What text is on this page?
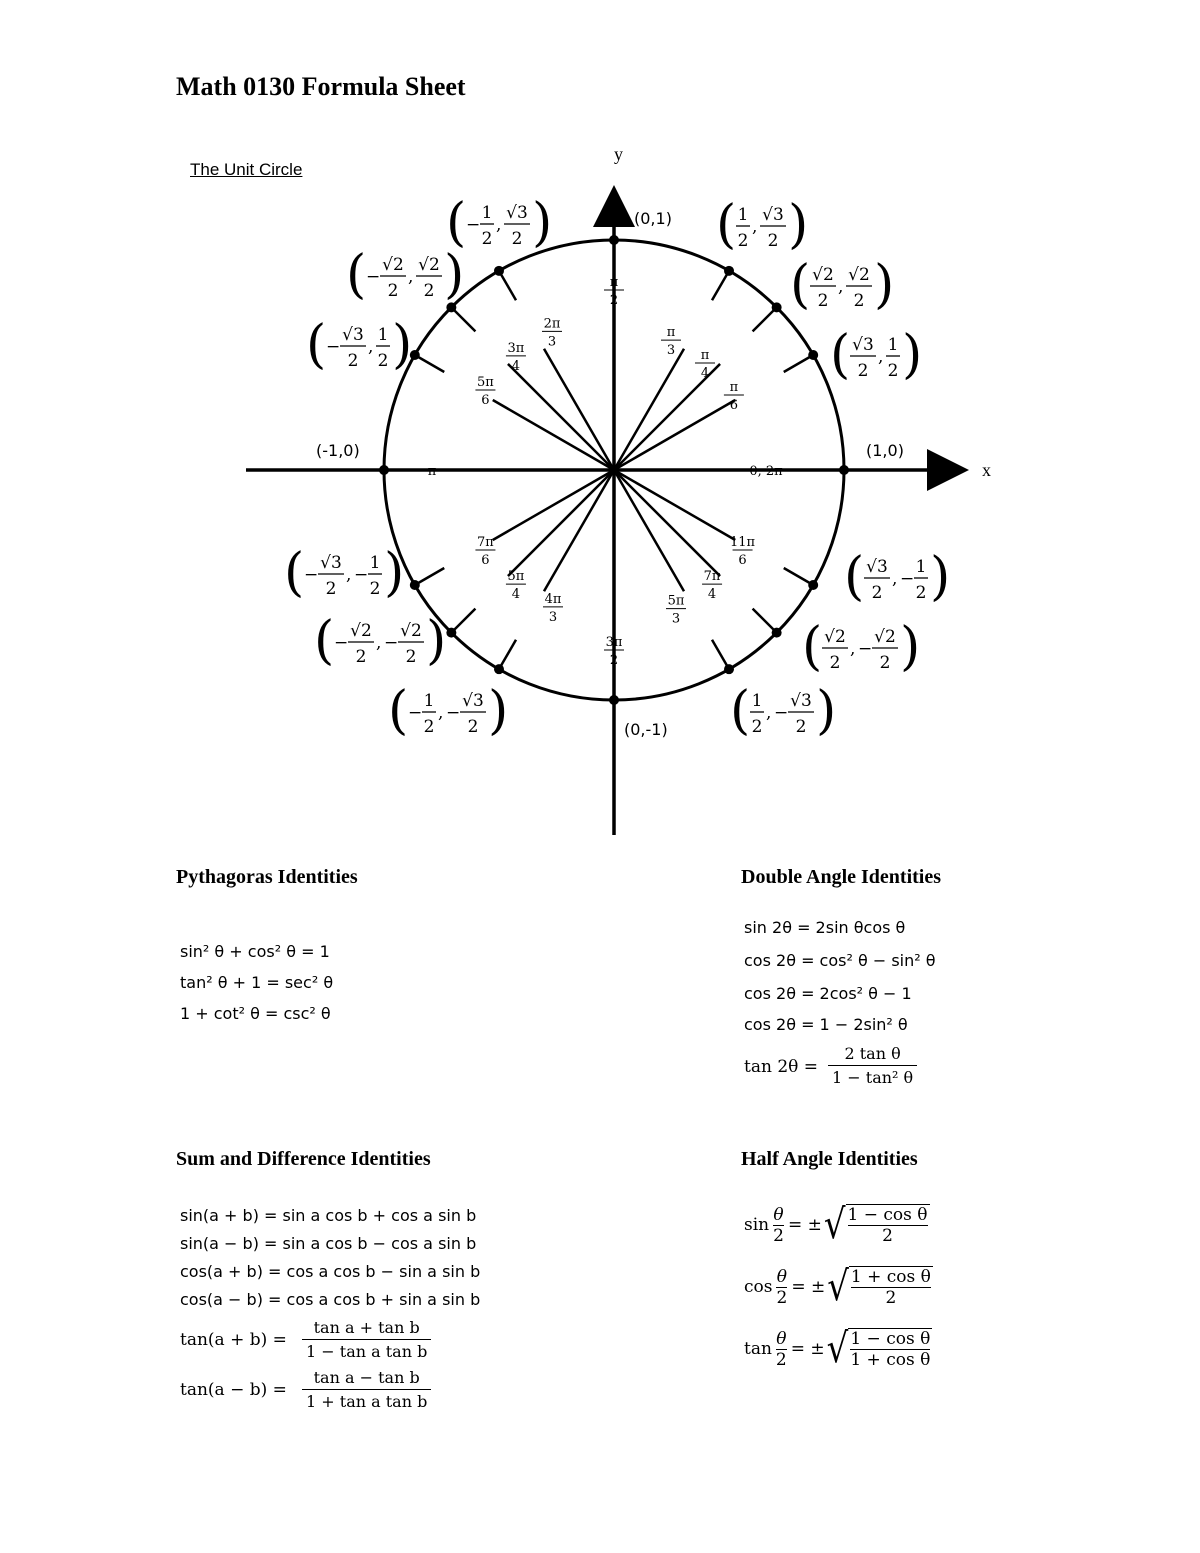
Math 0130 Formula Sheet
The Unit Circle
x
y
π
2
π
3 π
4
π
6
2π
3
3π
4
5π
6
7π
6
5π
4 4π
3
3π
2
5π
3
7π
4
11π
6
0, 2π
π
(1,0)
(0,1)
(-1,0)
(0,-1)
( 1
2
,
√3
2 )
( √2
2
,
√2
2 )
( √3
2
,
1
2 )
( −
1
2
,
√3
2 )
( −
√2
2
,
√2
2 )
( −
√3
2
,
1
2 )
( −
√3
2
, −
1
2 )
( −
√2
2
, −
√2
2 )
( −
1
2
, −
√3
2 )	( 1
2
, −
√3
2 )
( √2
2
, −
√2
2 )
( √3
2
, −
1
2 )
Pythagoras Identities
sin² θ + cos² θ = 1
tan² θ + 1 = sec² θ
1 + cot² θ = csc² θ
Double Angle Identities
sin 2θ = 2sin θcos θ
cos 2θ = cos² θ − sin² θ
cos 2θ = 2cos² θ − 1
cos 2θ = 1 − 2sin² θ
$\tan 2\theta = \frac{\text{2 tan θ}}{\text{1 − tan² θ}}$
Sum and Difference Identities
sin(a + b) = sin a cos b + cos a sin b
sin(a − b) = sin a cos b − cos a sin b
cos(a + b) = cos a cos b − sin a sin b
cos(a − b) = cos a cos b + sin a sin b
$\tan(a + b) = \frac{\text{tan a + tan b}}{\text{1 − tan a tan b}}$
$\tan(a - b) = \frac{\text{tan a − tan b}}{\text{1 + tan a tan b}}$
Half Angle Identities
$\sin \frac{\theta}{2}$ = ± √ $\frac{\text{1 − cos θ}}{2}$
$\cos \frac{\theta}{2}$ = ± √ $\frac{\text{1 + cos θ}}{2}$
$\tan \frac{\theta}{2}$ = ± √ $\frac{\text{1 − cos θ}}{\text{1 + cos θ}}$
